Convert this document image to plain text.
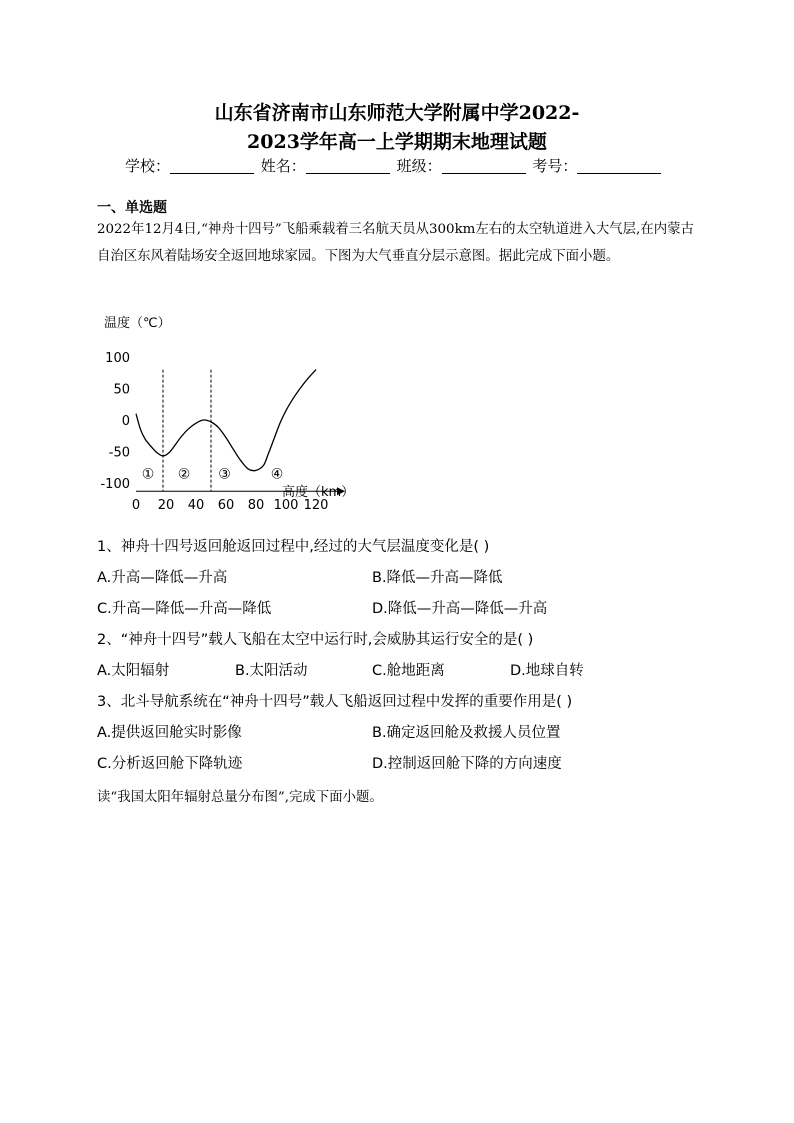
山东省济南市山东师范大学附属中学2022-
2023学年高一上学期期末地理试题
学校：	姓名：	班级：	考号：
一、单选题
2022年12月4日,“神舟十四号”飞船乘载着三名航天员从300km左右的太空轨道进入大气层,在内蒙古自治区东风着陆场安全返回地球家园。下图为大气垂直分层示意图。据此完成下面小题。
温度（℃）
100
50
0
-50
-100
0 20 40 60 80 100 120
① ② ③	④
高度（km）
1、神舟十四号返回舱返回过程中,经过的大气层温度变化是( )
A.升高—降低—升高	B.降低—升高—降低
C.升高—降低—升高—降低	D.降低—升高—降低—升高
2、“神舟十四号”载人飞船在太空中运行时,会威胁其运行安全的是( )
A.太阳辐射	B.太阳活动	C.舱地距离	D.地球自转
3、北斗导航系统在“神舟十四号”载人飞船返回过程中发挥的重要作用是( )
A.提供返回舱实时影像	B.确定返回舱及救援人员位置
C.分析返回舱下降轨迹	D.控制返回舱下降的方向速度
读“我国太阳年辐射总量分布图”,完成下面小题。
